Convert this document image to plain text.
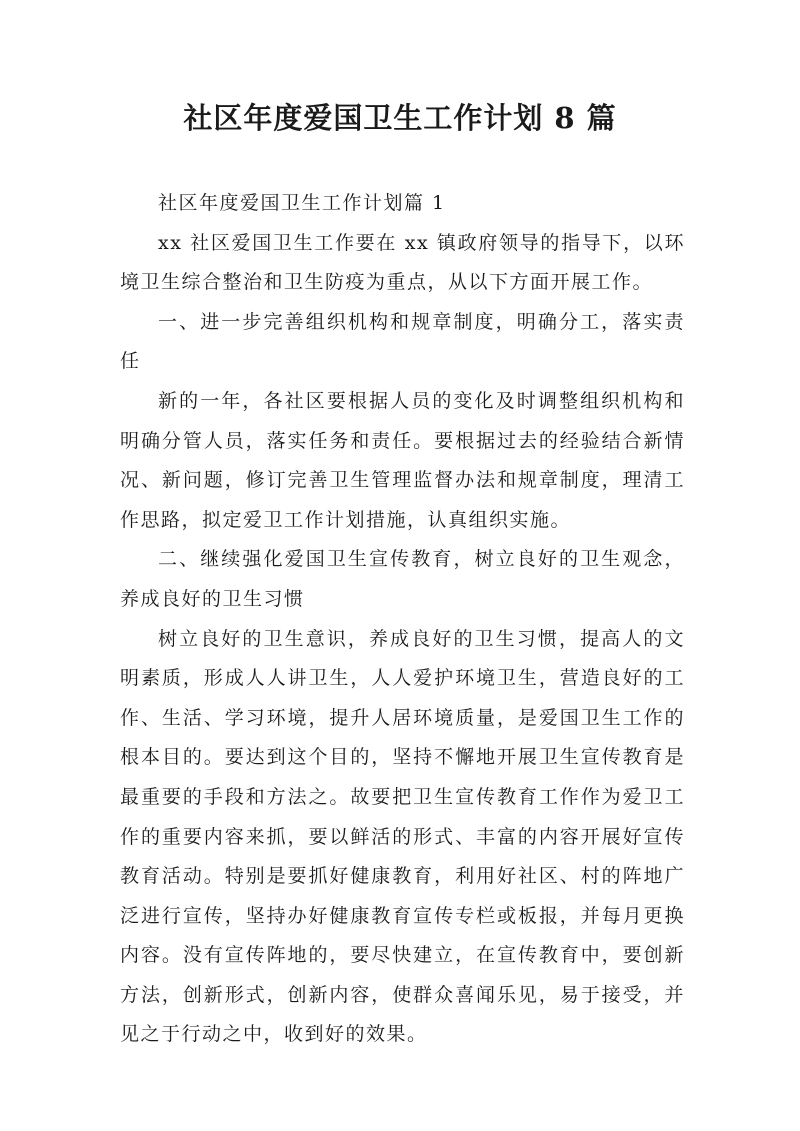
社区年度爱国卫生工作计划 8 篇

社区年度爱国卫生工作计划篇 1

xx 社区爱国卫生工作要在 xx 镇政府领导的指导下，以环境卫生综合整治和卫生防疫为重点，从以下方面开展工作。

一、进一步完善组织机构和规章制度，明确分工，落实责任

新的一年，各社区要根据人员的变化及时调整组织机构和明确分管人员，落实任务和责任。要根据过去的经验结合新情况、新问题，修订完善卫生管理监督办法和规章制度，理清工作思路，拟定爱卫工作计划措施，认真组织实施。

二、继续强化爱国卫生宣传教育，树立良好的卫生观念，养成良好的卫生习惯

树立良好的卫生意识，养成良好的卫生习惯，提高人的文明素质，形成人人讲卫生，人人爱护环境卫生，营造良好的工作、生活、学习环境，提升人居环境质量，是爱国卫生工作的根本目的。要达到这个目的，坚持不懈地开展卫生宣传教育是最重要的手段和方法之。故要把卫生宣传教育工作作为爱卫工作的重要内容来抓，要以鲜活的形式、丰富的内容开展好宣传教育活动。特别是要抓好健康教育，利用好社区、村的阵地广泛进行宣传，坚持办好健康教育宣传专栏或板报，并每月更换内容。没有宣传阵地的，要尽快建立，在宣传教育中，要创新方法，创新形式，创新内容，使群众喜闻乐见，易于接受，并见之于行动之中，收到好的效果。
